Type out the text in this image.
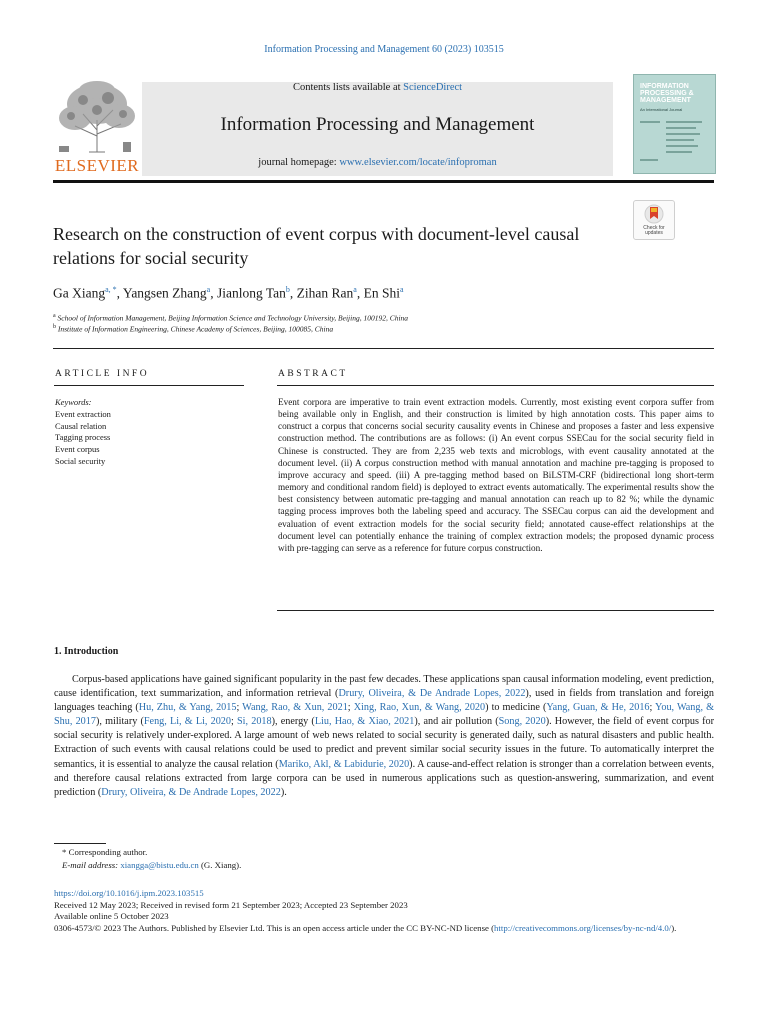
Information Processing and Management 60 (2023) 103515
ELSEVIER
Contents lists available at ScienceDirect
Information Processing and Management
journal homepage: www.elsevier.com/locate/infoproman
INFORMATION PROCESSING & MANAGEMENT
An International Journal
Check for updates
Research on the construction of event corpus with document-level causal relations for social security
Ga Xiang$^{a, *}$, Yangsen Zhang$^a$, Jianlong Tan$^b$, Zihan Ran$^a$, En Shi$^a$
$^a$ School of Information Management, Beijing Information Science and Technology University, Beijing, 100192, China
$^b$ Institute of Information Engineering, Chinese Academy of Sciences, Beijing, 100085, China
ARTICLE INFO
Keywords:
Event extraction
Causal relation
Tagging process
Event corpus
Social security
ABSTRACT
Event corpora are imperative to train event extraction models. Currently, most existing event corpora suffer from being available only in English, and their construction is limited by high annotation costs. This paper aims to construct a corpus that concerns social security causality events in Chinese and proposes a faster and less expensive construction method. The contributions are as follows: (i) An event corpus SSECau for the social security field in Chinese is constructed. They are from 2,235 web texts and microblogs, with event causality annotated at the document level. (ii) A corpus construction method with manual annotation and machine pre-tagging is proposed to improve accuracy and speed. (iii) A pre-tagging method based on BiLSTM-CRF (bidirectional long short-term memory and conditional random field) is deployed to extract events automatically. The experimental results show the best consistency between automatic pre-tagging and manual annotation can reach up to 82 %; while the dynamic tagging process improves both the labeling speed and accuracy. The SSECau corpus can aid the development and evaluation of event extraction models for the social security field; annotated cause-effect relationships at the document level can potentially enhance the training of complex extraction models; the proposed dynamic process with pre-tagging can serve as a reference for future corpus construction.
1. Introduction
Corpus-based applications have gained significant popularity in the past few decades. These applications span causal information modeling, event prediction, cause identification, text summarization, and information retrieval (Drury, Oliveira, & De Andrade Lopes, 2022), used in fields from translation and foreign languages teaching (Hu, Zhu, & Yang, 2015; Wang, Rao, & Xun, 2021; Xing, Rao, Xun, & Wang, 2020) to medicine (Yang, Guan, & He, 2016; You, Wang, & Shu, 2017), military (Feng, Li, & Li, 2020; Si, 2018), energy (Liu, Hao, & Xiao, 2021), and air pollution (Song, 2020). However, the field of event corpus for social security is relatively under-explored. A large amount of web news related to social security is generated daily, such as natural disasters and public health. Extraction of such events with causal relations could be used to predict and prevent similar social security issues in the future. To automatically interpret the semantics, it is essential to analyze the causal relation (Mariko, Akl, & Labidurie, 2020). A cause-and-effect relation is stronger than a correlation between events, and therefore causal relations extracted from large corpora can be used in numerous applications such as question-answering, summarization, and event prediction (Drury, Oliveira, & De Andrade Lopes, 2022).
* Corresponding author.
E-mail address: xiangga@bistu.edu.cn (G. Xiang).
https://doi.org/10.1016/j.ipm.2023.103515
Received 12 May 2023; Received in revised form 21 September 2023; Accepted 23 September 2023
Available online 5 October 2023
0306-4573/© 2023 The Authors. Published by Elsevier Ltd. This is an open access article under the CC BY-NC-ND license (http://creativecommons.org/licenses/by-nc-nd/4.0/).
